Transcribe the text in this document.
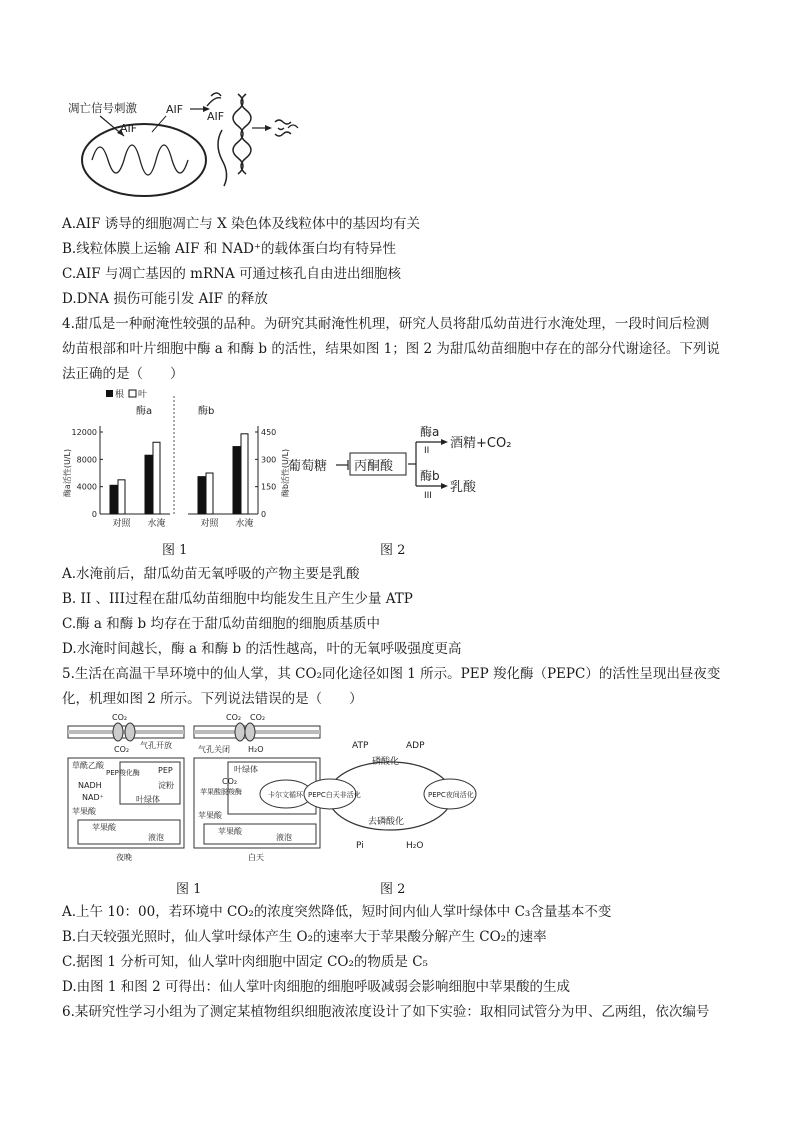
凋亡信号刺激
AIF
AIF
AIF
A.AIF 诱导的细胞凋亡与 X 染色体及线粒体中的基因均有关
B.线粒体膜上运输 AIF 和 NAD⁺的载体蛋白均有特异性
C.AIF 与凋亡基因的 mRNA 可通过核孔自由进出细胞核
D.DNA 损伤可能引发 AIF 的释放
4.甜瓜是一种耐淹性较强的品种。为研究其耐淹性机理，研究人员将甜瓜幼苗进行水淹处理，一段时间后检测
幼苗根部和叶片细胞中酶 a 和酶 b 的活性，结果如图 1；图 2 为甜瓜幼苗细胞中存在的部分代谢途径。下列说
法正确的是（　　）
根 叶
0
4000
8000
12000
酶a活性(U/L)
酶a
对照 水淹
0
150
300
450
酶b活性(U/L)
酶b
对照 水淹
葡萄糖 丙酮酸
酶a
II
酶b
III
酒精+CO₂
乳酸
图 1	图 2
A.水淹前后，甜瓜幼苗无氧呼吸的产物主要是乳酸
B. II 、III过程在甜瓜幼苗细胞中均能发生且产生少量 ATP
C.酶 a 和酶 b 均存在于甜瓜幼苗细胞的细胞质基质中
D.水淹时间越长，酶 a 和酶 b 的活性越高，叶的无氧呼吸强度更高
5.生活在高温干旱环境中的仙人掌，其 CO₂同化途径如图 1 所示。PEP 羧化酶（PEPC）的活性呈现出昼夜变
化，机理如图 2 所示。下列说法错误的是（　　）
CO₂
CO₂ 气孔开放
草酰乙酸
PEP羧化酶 PEP
淀粉
叶绿体
NADH
NAD⁺
苹果酸
苹果酸
液泡
夜晚
CO₂ CO₂
H₂O
气孔关闭
叶绿体
CO₂
卡尔文循环
苹果酸脱羧酶
苹果酸
苹果酸
液泡
白天
ATP	ADP
磷酸化
PEPC白天非活化	PEPC夜间活化
去磷酸化
Pi	H₂O
图 1	图 2
A.上午 10：00，若环境中 CO₂的浓度突然降低，短时间内仙人掌叶绿体中 C₃含量基本不变
B.白天较强光照时，仙人掌叶绿体产生 O₂的速率大于苹果酸分解产生 CO₂的速率
C.据图 1 分析可知，仙人掌叶肉细胞中固定 CO₂的物质是 C₅
D.由图 1 和图 2 可得出：仙人掌叶肉细胞的细胞呼吸减弱会影响细胞中苹果酸的生成
6.某研究性学习小组为了测定某植物组织细胞液浓度设计了如下实验：取相同试管分为甲、乙两组，依次编号
